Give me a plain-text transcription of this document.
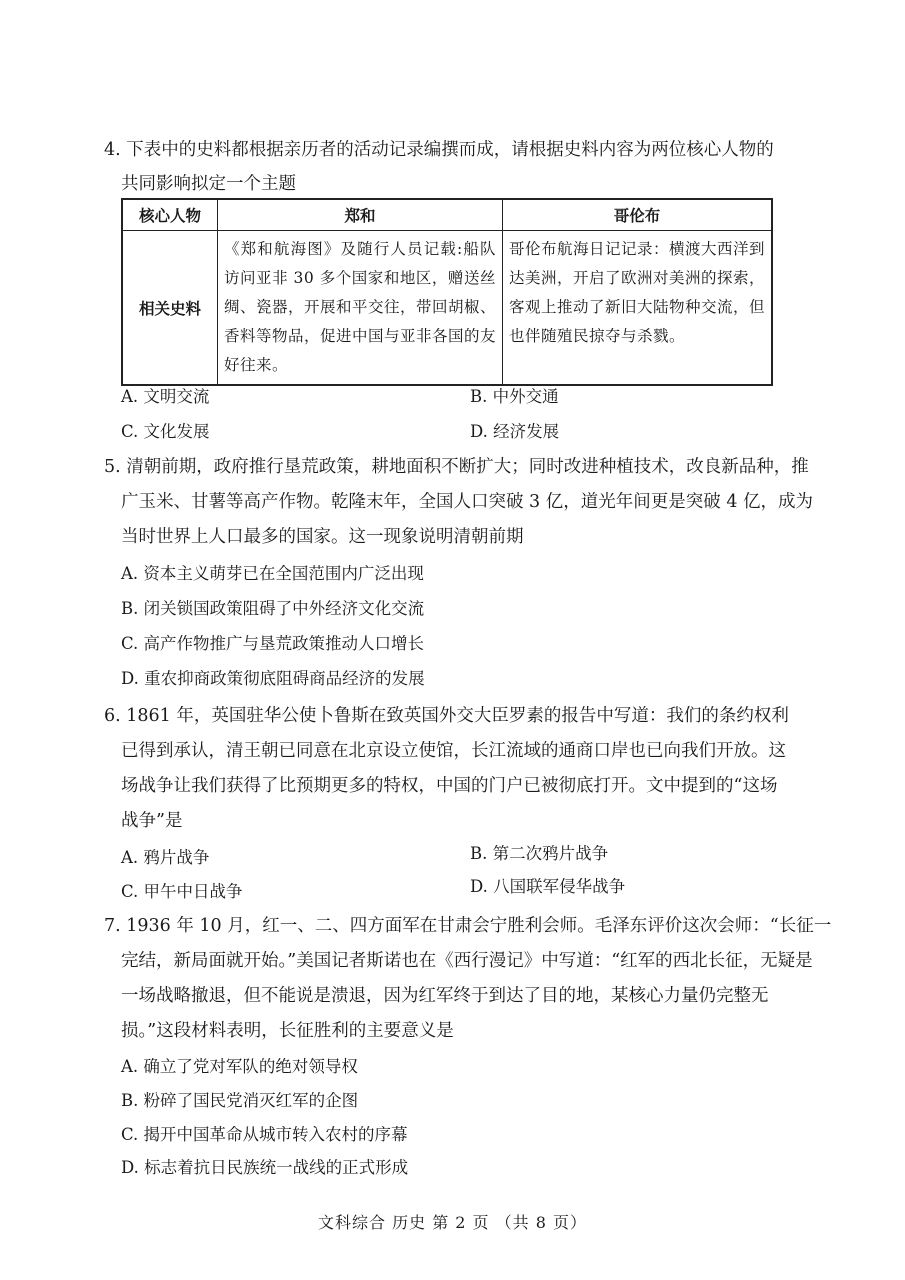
4. 下表中的史料都根据亲历者的活动记录编撰而成，请根据史料内容为两位核心人物的
共同影响拟定一个主题
核心人物	郑和	哥伦布
相关史料	《郑和航海图》及随行人员记载:船队访问亚非 30 多个国家和地区，赠送丝绸、瓷器，开展和平交往，带回胡椒、香料等物品，促进中国与亚非各国的友好往来。	哥伦布航海日记记录：横渡大西洋到达美洲，开启了欧洲对美洲的探索，客观上推动了新旧大陆物种交流，但也伴随殖民掠夺与杀戮。
A. 文明交流	B. 中外交通
C. 文化发展	D. 经济发展
5. 清朝前期，政府推行垦荒政策，耕地面积不断扩大；同时改进种植技术，改良新品种，推
广玉米、甘薯等高产作物。乾隆末年，全国人口突破 3 亿，道光年间更是突破 4 亿，成为
当时世界上人口最多的国家。这一现象说明清朝前期
A. 资本主义萌芽已在全国范围内广泛出现
B. 闭关锁国政策阻碍了中外经济文化交流
C. 高产作物推广与垦荒政策推动人口增长
D. 重农抑商政策彻底阻碍商品经济的发展
6. 1861 年，英国驻华公使卜鲁斯在致英国外交大臣罗素的报告中写道：我们的条约权利
已得到承认，清王朝已同意在北京设立使馆，长江流域的通商口岸也已向我们开放。这
场战争让我们获得了比预期更多的特权，中国的门户已被彻底打开。文中提到的“这场
战争”是
A. 鸦片战争	B. 第二次鸦片战争
C. 甲午中日战争	D. 八国联军侵华战争
7. 1936 年 10 月，红一、二、四方面军在甘肃会宁胜利会师。毛泽东评价这次会师：“长征一
完结，新局面就开始。”美国记者斯诺也在《西行漫记》中写道：“红军的西北长征，无疑是
一场战略撤退，但不能说是溃退，因为红军终于到达了目的地，某核心力量仍完整无
损。”这段材料表明，长征胜利的主要意义是
A. 确立了党对军队的绝对领导权
B. 粉碎了国民党消灭红军的企图
C. 揭开中国革命从城市转入农村的序幕
D. 标志着抗日民族统一战线的正式形成
文科综合 历史 第 2 页 （共 8 页）
